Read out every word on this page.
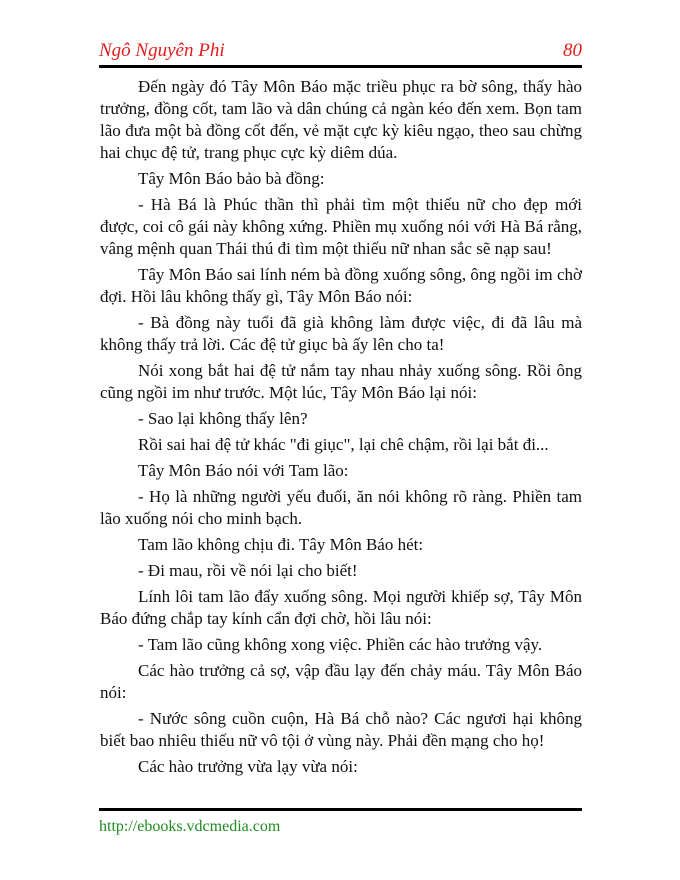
Ngô Nguyên Phi	80

Đến ngày đó Tây Môn Báo mặc triều phục ra bờ sông, thấy hào trưởng, đồng cốt, tam lão và dân chúng cả ngàn kéo đến xem. Bọn tam lão đưa một bà đồng cốt đến, vẻ mặt cực kỳ kiêu ngạo, theo sau chừng hai chục đệ tử, trang phục cực kỳ diêm dúa.

Tây Môn Báo bảo bà đồng:

- Hà Bá là Phúc thần thì phải tìm một thiếu nữ cho đẹp mới được, coi cô gái này không xứng. Phiền mụ xuống nói với Hà Bá rằng, vâng mệnh quan Thái thú đi tìm một thiếu nữ nhan sắc sẽ nạp sau!

Tây Môn Báo sai lính ném bà đồng xuống sông, ông ngồi im chờ đợi. Hồi lâu không thấy gì, Tây Môn Báo nói:

- Bà đồng này tuổi đã già không làm được việc, đi đã lâu mà không thấy trả lời. Các đệ tử giục bà ấy lên cho ta!

Nói xong bắt hai đệ tử nắm tay nhau nhảy xuống sông. Rồi ông cũng ngồi im như trước. Một lúc, Tây Môn Báo lại nói:

- Sao lại không thấy lên?

Rồi sai hai đệ tử khác "đi giục", lại chê chậm, rồi lại bắt đi...

Tây Môn Báo nói với Tam lão:

- Họ là những người yếu đuối, ăn nói không rõ ràng. Phiền tam lão xuống nói cho minh bạch.

Tam lão không chịu đi. Tây Môn Báo hét:

- Đi mau, rồi về nói lại cho biết!

Lính lôi tam lão đẩy xuống sông. Mọi người khiếp sợ, Tây Môn Báo đứng chắp tay kính cẩn đợi chờ, hồi lâu nói:

- Tam lão cũng không xong việc. Phiền các hào trưởng vậy.

Các hào trưởng cả sợ, vập đầu lạy đến chảy máu. Tây Môn Báo nói:

- Nước sông cuồn cuộn, Hà Bá chỗ nào? Các ngươi hại không biết bao nhiêu thiếu nữ vô tội ở vùng này. Phải đền mạng cho họ!

Các hào trưởng vừa lạy vừa nói:

http://ebooks.vdcmedia.com
